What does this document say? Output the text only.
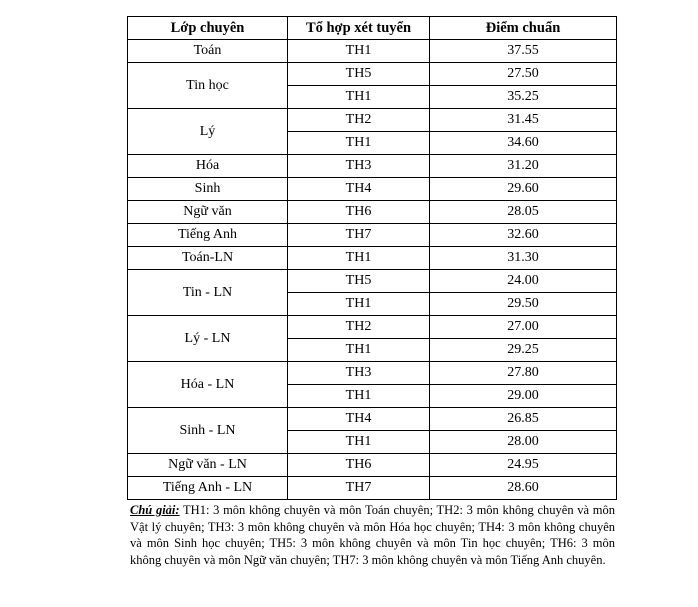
Lớp chuyên	Tổ hợp xét tuyển	Điểm chuẩn
Toán	TH1	37.55
Tin học	TH5	27.50
	TH1	35.25
Lý	TH2	31.45
	TH1	34.60
Hóa	TH3	31.20
Sinh	TH4	29.60
Ngữ văn	TH6	28.05
Tiếng Anh	TH7	32.60
Toán-LN	TH1	31.30
Tin - LN	TH5	24.00
	TH1	29.50
Lý - LN	TH2	27.00
	TH1	29.25
Hóa - LN	TH3	27.80
	TH1	29.00
Sinh - LN	TH4	26.85
	TH1	28.00
Ngữ văn - LN	TH6	24.95
Tiếng Anh - LN	TH7	28.60
Chú giải: TH1: 3 môn không chuyên và môn Toán chuyên; TH2: 3 môn không chuyên và môn Vật lý chuyên; TH3: 3 môn không chuyên và môn Hóa học chuyên; TH4: 3 môn không chuyên và môn Sinh học chuyên; TH5: 3 môn không chuyên và môn Tin học chuyên; TH6: 3 môn không chuyên và môn Ngữ văn chuyên; TH7: 3 môn không chuyên và môn Tiếng Anh chuyên.
